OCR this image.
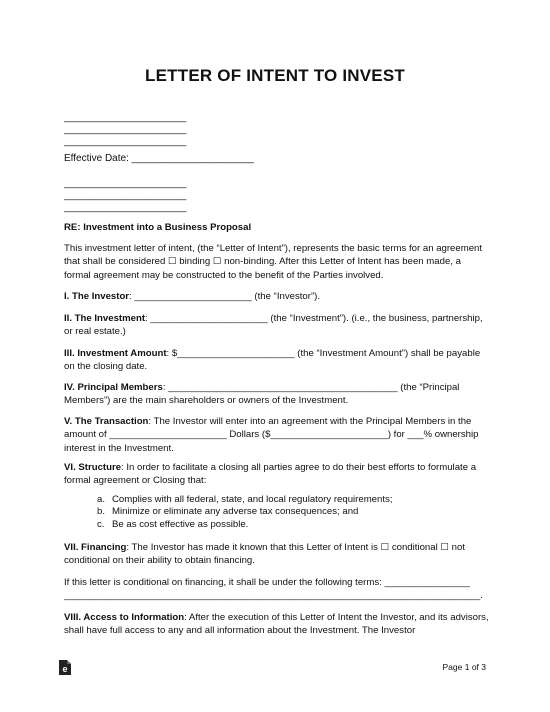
LETTER OF INTENT TO INVEST
______________________
______________________
______________________
Effective Date: ______________________
______________________
______________________
______________________
RE: Investment into a Business Proposal
This investment letter of intent, (the “Letter of Intent”), represents the basic terms for an agreement that shall be considered ☐ binding ☐ non-binding. After this Letter of Intent has been made, a formal agreement may be constructed to the benefit of the Parties involved.
I. The Investor: ______________________ (the “Investor”).
II. The Investment: ______________________ (the “Investment”). (i.e., the business, partnership, or real estate.)
III. Investment Amount: $______________________ (the “Investment Amount”) shall be payable on the closing date.
IV. Principal Members: ___________________________________________ (the “Principal Members”) are the main shareholders or owners of the Investment.
V. The Transaction: The Investor will enter into an agreement with the Principal Members in the amount of ______________________ Dollars ($______________________) for ___% ownership interest in the Investment.
VI. Structure: In order to facilitate a closing all parties agree to do their best efforts to formulate a formal agreement or Closing that:
a. Complies with all federal, state, and local regulatory requirements;
b. Minimize or eliminate any adverse tax consequences; and
c. Be as cost effective as possible.
VII. Financing: The Investor has made it known that this Letter of Intent is ☐ conditional ☐ not conditional on their ability to obtain financing.
If this letter is conditional on financing, it shall be under the following terms: ________________ ______________________________________________________________________________.
VIII. Access to Information: After the execution of this Letter of Intent the Investor, and its advisors, shall have full access to any and all information about the Investment. The Investor
e	Page 1 of 3
